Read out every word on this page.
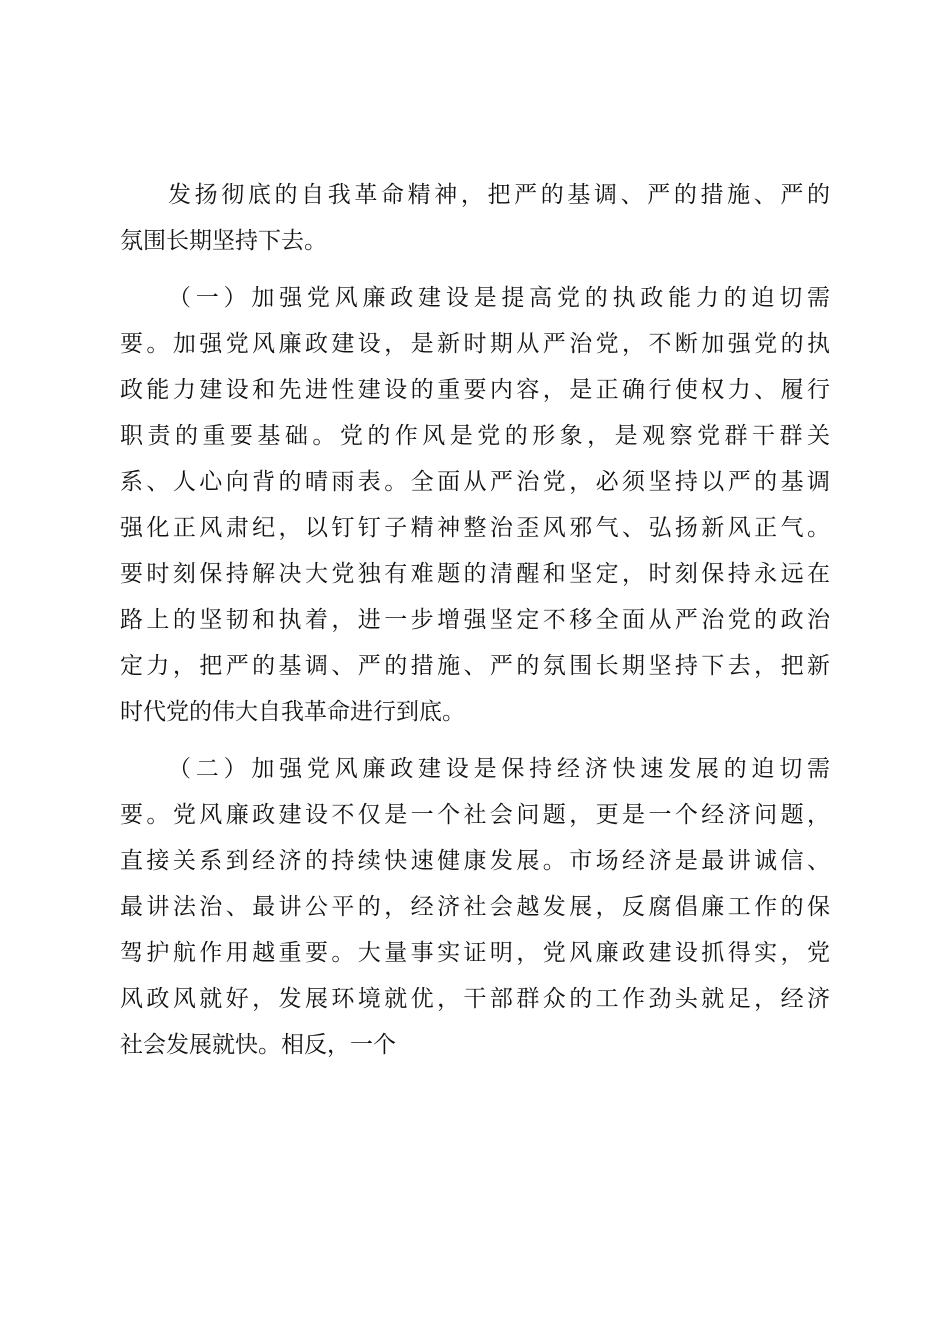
发扬彻底的自我革命精神，把严的基调、严的措施、严的
氛围长期坚持下去。
（一）加强党风廉政建设是提高党的执政能力的迫切需
要。加强党风廉政建设，是新时期从严治党，不断加强党的执
政能力建设和先进性建设的重要内容，是正确行使权力、履行
职责的重要基础。党的作风是党的形象，是观察党群干群关
系、人心向背的晴雨表。全面从严治党，必须坚持以严的基调
强化正风肃纪，以钉钉子精神整治歪风邪气、弘扬新风正气。
要时刻保持解决大党独有难题的清醒和坚定，时刻保持永远在
路上的坚韧和执着，进一步增强坚定不移全面从严治党的政治
定力，把严的基调、严的措施、严的氛围长期坚持下去，把新
时代党的伟大自我革命进行到底。
（二）加强党风廉政建设是保持经济快速发展的迫切需
要。党风廉政建设不仅是一个社会问题，更是一个经济问题，
直接关系到经济的持续快速健康发展。市场经济是最讲诚信、
最讲法治、最讲公平的，经济社会越发展，反腐倡廉工作的保
驾护航作用越重要。大量事实证明，党风廉政建设抓得实，党
风政风就好，发展环境就优，干部群众的工作劲头就足，经济
社会发展就快。相反，一个
